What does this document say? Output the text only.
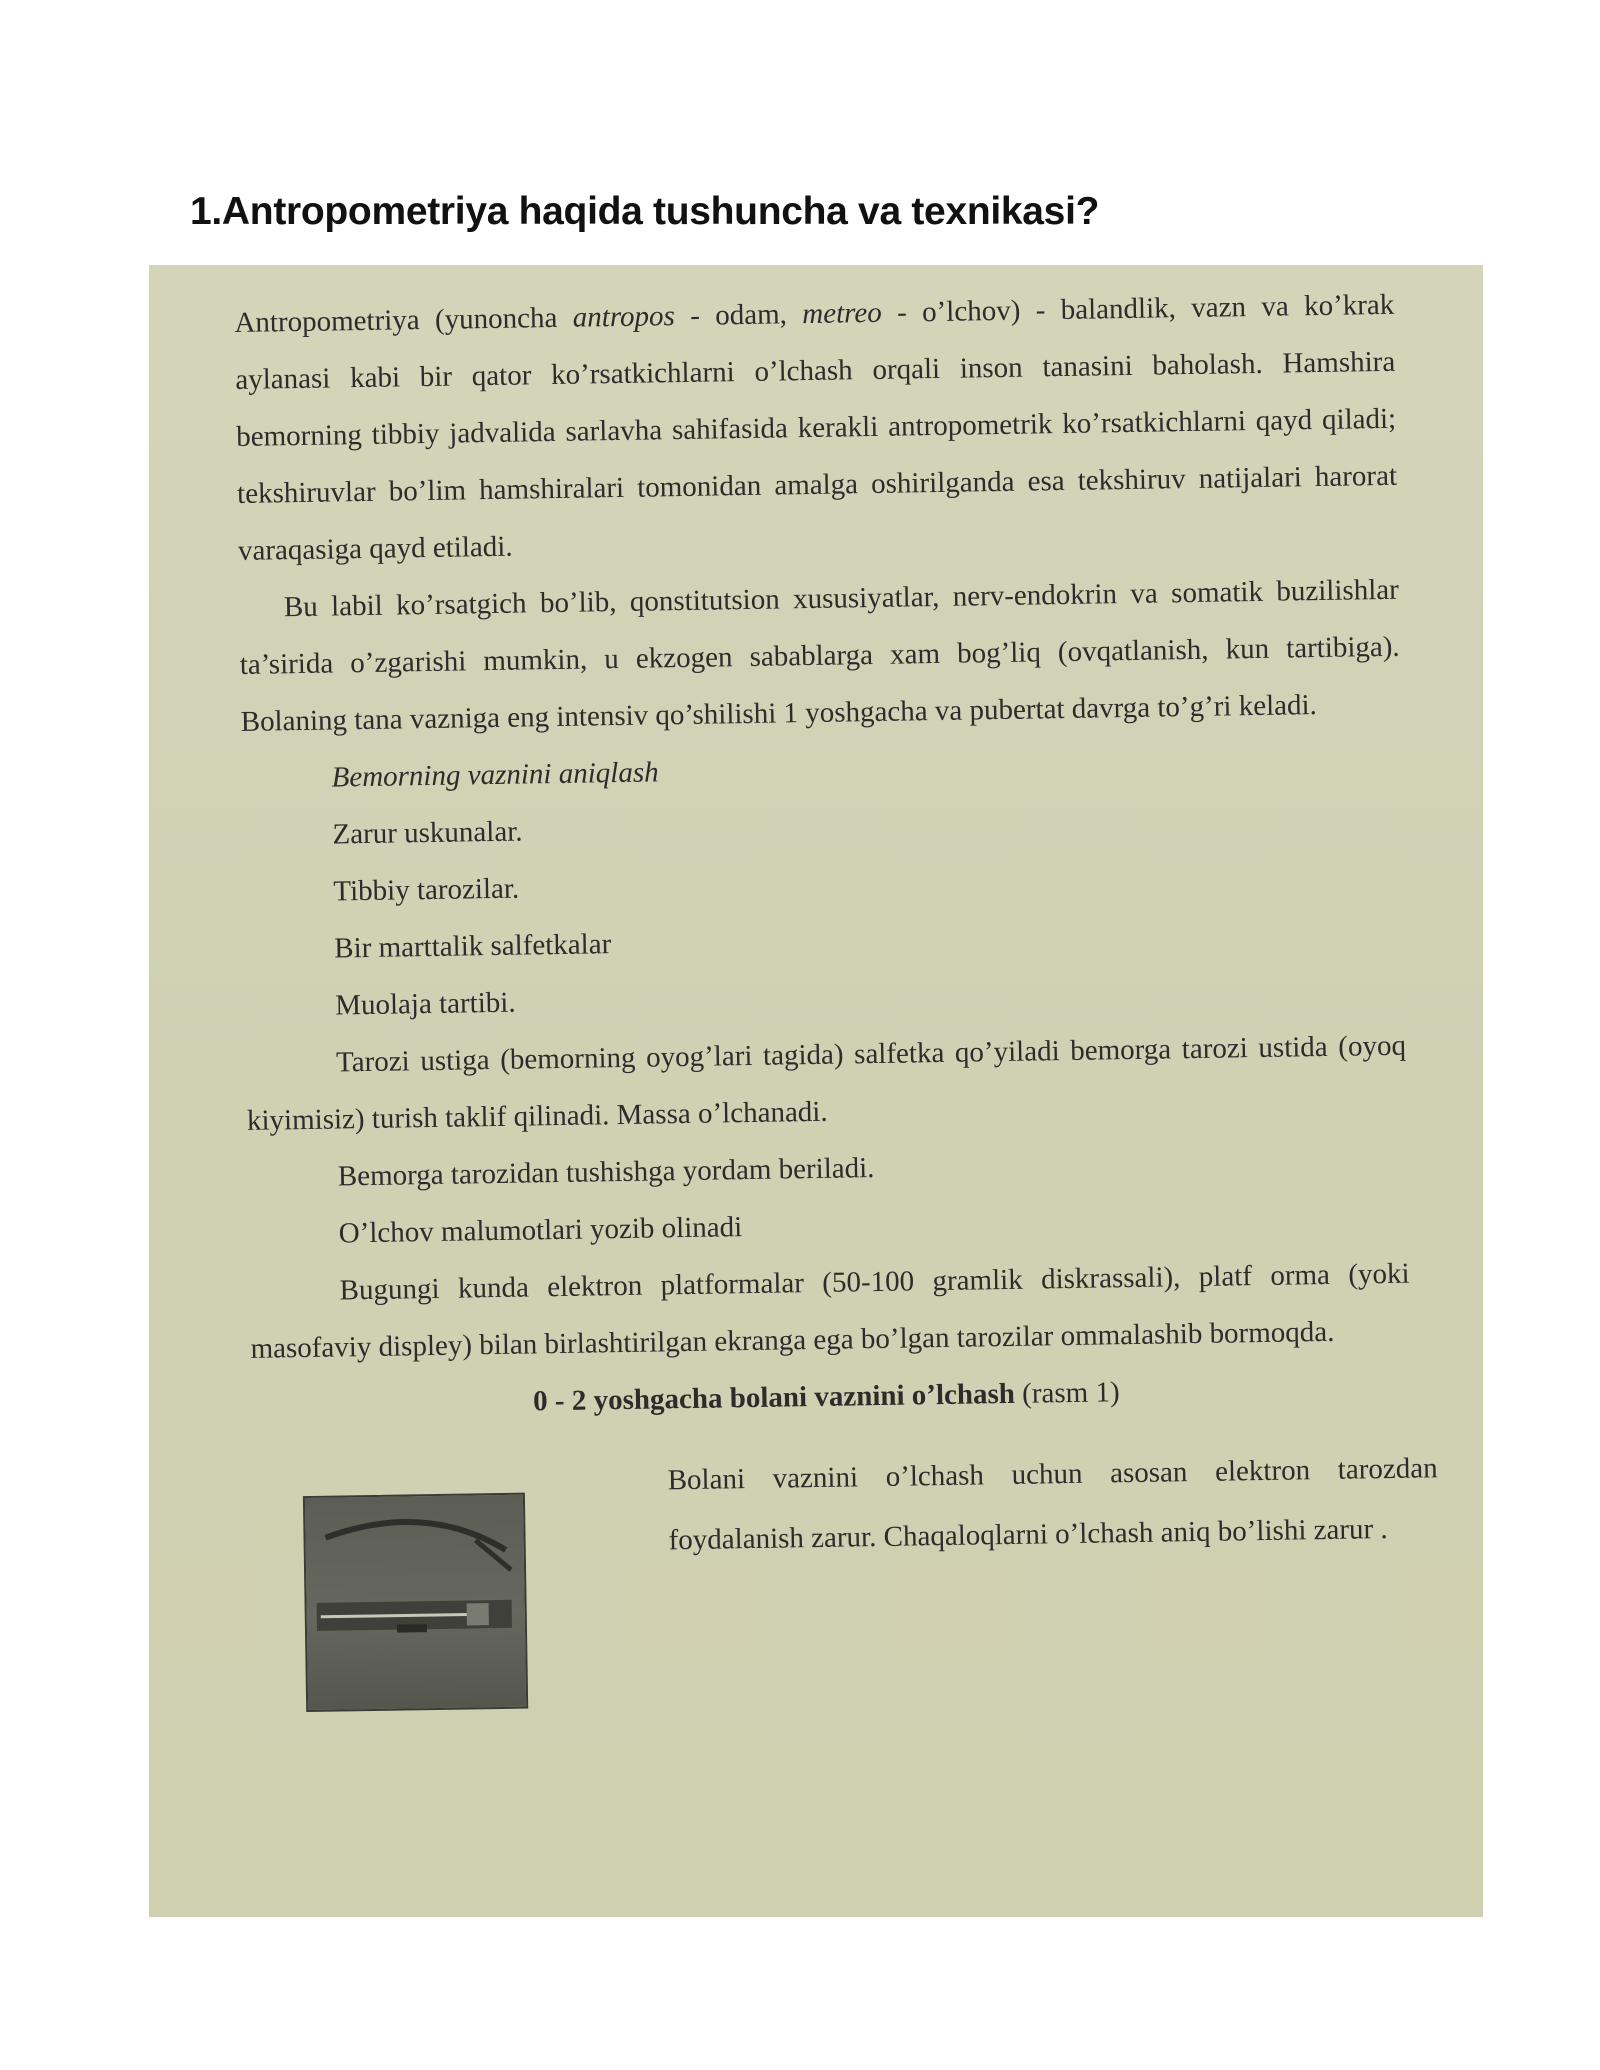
1.Antropometriya haqida tushuncha va texnikasi?

Antropometriya (yunoncha antropos - odam, metreo - o’lchov) - balandlik, vazn va ko’krak aylanasi kabi bir qator ko’rsatkichlarni o’lchash orqali inson tanasini baholash. Hamshira bemorning tibbiy jadvalida sarlavha sahifasida kerakli antropometrik ko’rsatkichlarni qayd qiladi; tekshiruvlar bo’lim hamshiralari tomonidan amalga oshirilganda esa tekshiruv natijalari harorat varaqasiga qayd etiladi.

Bu labil ko’rsatgich bo’lib, qonstitutsion xususiyatlar, nerv-endokrin va somatik buzilishlar ta’sirida o’zgarishi mumkin, u ekzogen sabablarga xam bog’liq (ovqatlanish, kun tartibiga). Bolaning tana vazniga eng intensiv qo’shilishi 1 yoshgacha va pubertat davrga to’g’ri keladi.

Bemorning vaznini aniqlash

Zarur uskunalar.

Tibbiy tarozilar.

Bir marttalik salfetkalar

Muolaja tartibi.

Tarozi ustiga (bemorning oyog’lari tagida) salfetka qo’yiladi bemorga tarozi ustida (oyoq kiyimisiz) turish taklif qilinadi. Massa o’lchanadi.

Bemorga tarozidan tushishga yordam beriladi.

O’lchov malumotlari yozib olinadi

Bugungi kunda elektron platformalar (50-100 gramlik diskrassali), platf orma (yoki masofaviy displey) bilan birlashtirilgan ekranga ega bo’lgan tarozilar ommalashib bormoqda.

0 - 2 yoshgacha bolani vaznini o’lchash (rasm 1)

Bolani vaznini o’lchash uchun asosan elektron tarozdan foydalanish zarur. Chaqaloqlarni o’lchash aniq bo’lishi zarur .
